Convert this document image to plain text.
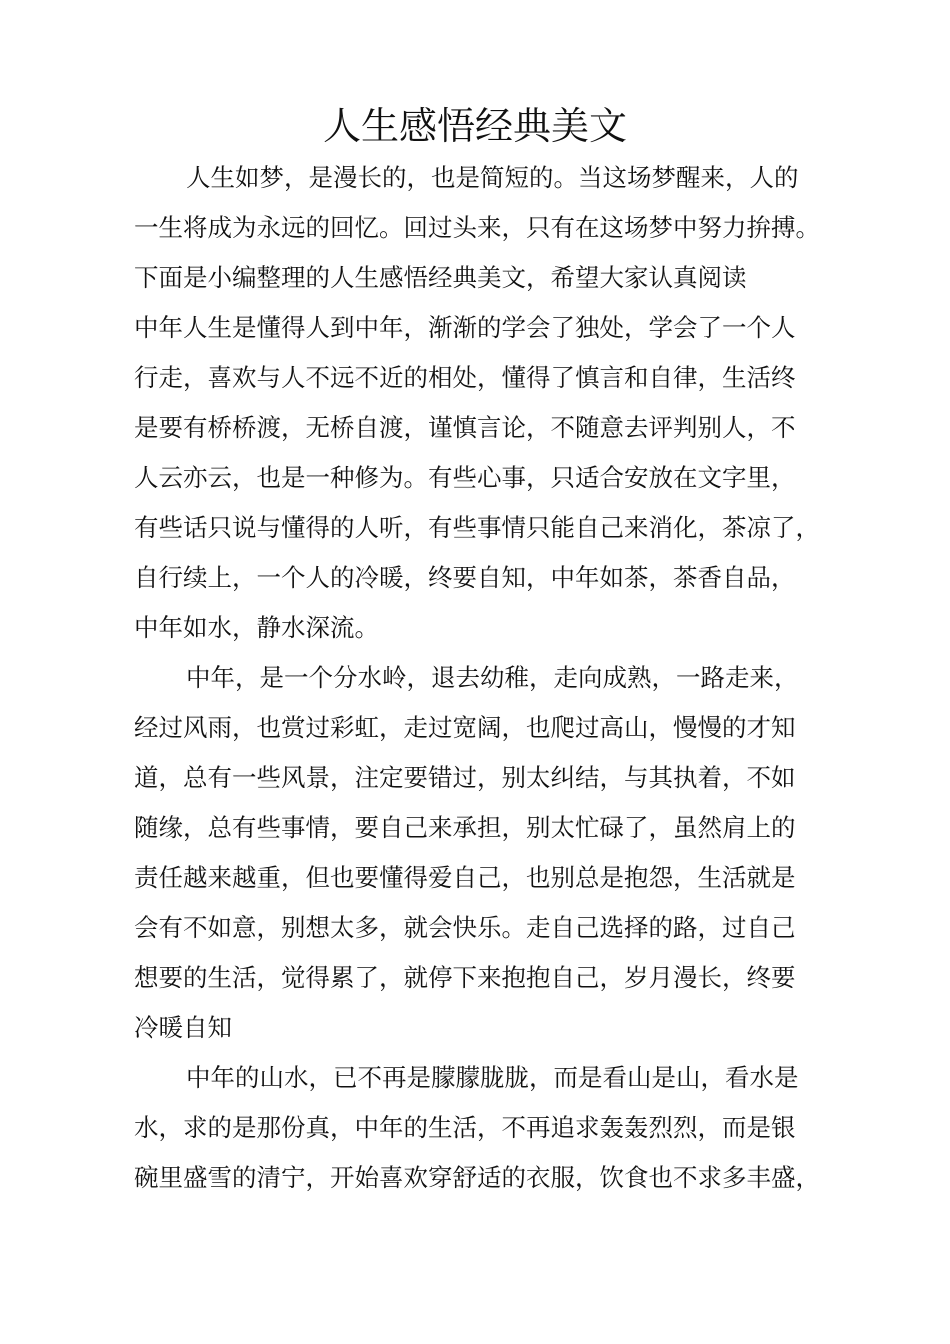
人生感悟经典美文

人生如梦，是漫长的，也是简短的。当这场梦醒来，人的

一生将成为永远的回忆。回过头来，只有在这场梦中努力拚搏。

下面是小编整理的人生感悟经典美文，希望大家认真阅读

中年人生是懂得人到中年，渐渐的学会了独处，学会了一个人

行走，喜欢与人不远不近的相处，懂得了慎言和自律，生活终

是要有桥桥渡，无桥自渡，谨慎言论，不随意去评判别人，不

人云亦云，也是一种修为。有些心事，只适合安放在文字里，

有些话只说与懂得的人听，有些事情只能自己来消化，茶凉了，

自行续上，一个人的冷暖，终要自知，中年如茶，茶香自品，

中年如水，静水深流。

中年，是一个分水岭，退去幼稚，走向成熟，一路走来，

经过风雨，也赏过彩虹，走过宽阔，也爬过高山，慢慢的才知

道，总有一些风景，注定要错过，别太纠结，与其执着，不如

随缘，总有些事情，要自己来承担，别太忙碌了，虽然肩上的

责任越来越重，但也要懂得爱自己，也别总是抱怨，生活就是

会有不如意，别想太多，就会快乐。走自己选择的路，过自己

想要的生活，觉得累了，就停下来抱抱自己，岁月漫长，终要

冷暖自知

中年的山水，已不再是朦朦胧胧，而是看山是山，看水是

水，求的是那份真，中年的生活，不再追求轰轰烈烈，而是银

碗里盛雪的清宁，开始喜欢穿舒适的衣服，饮食也不求多丰盛，
